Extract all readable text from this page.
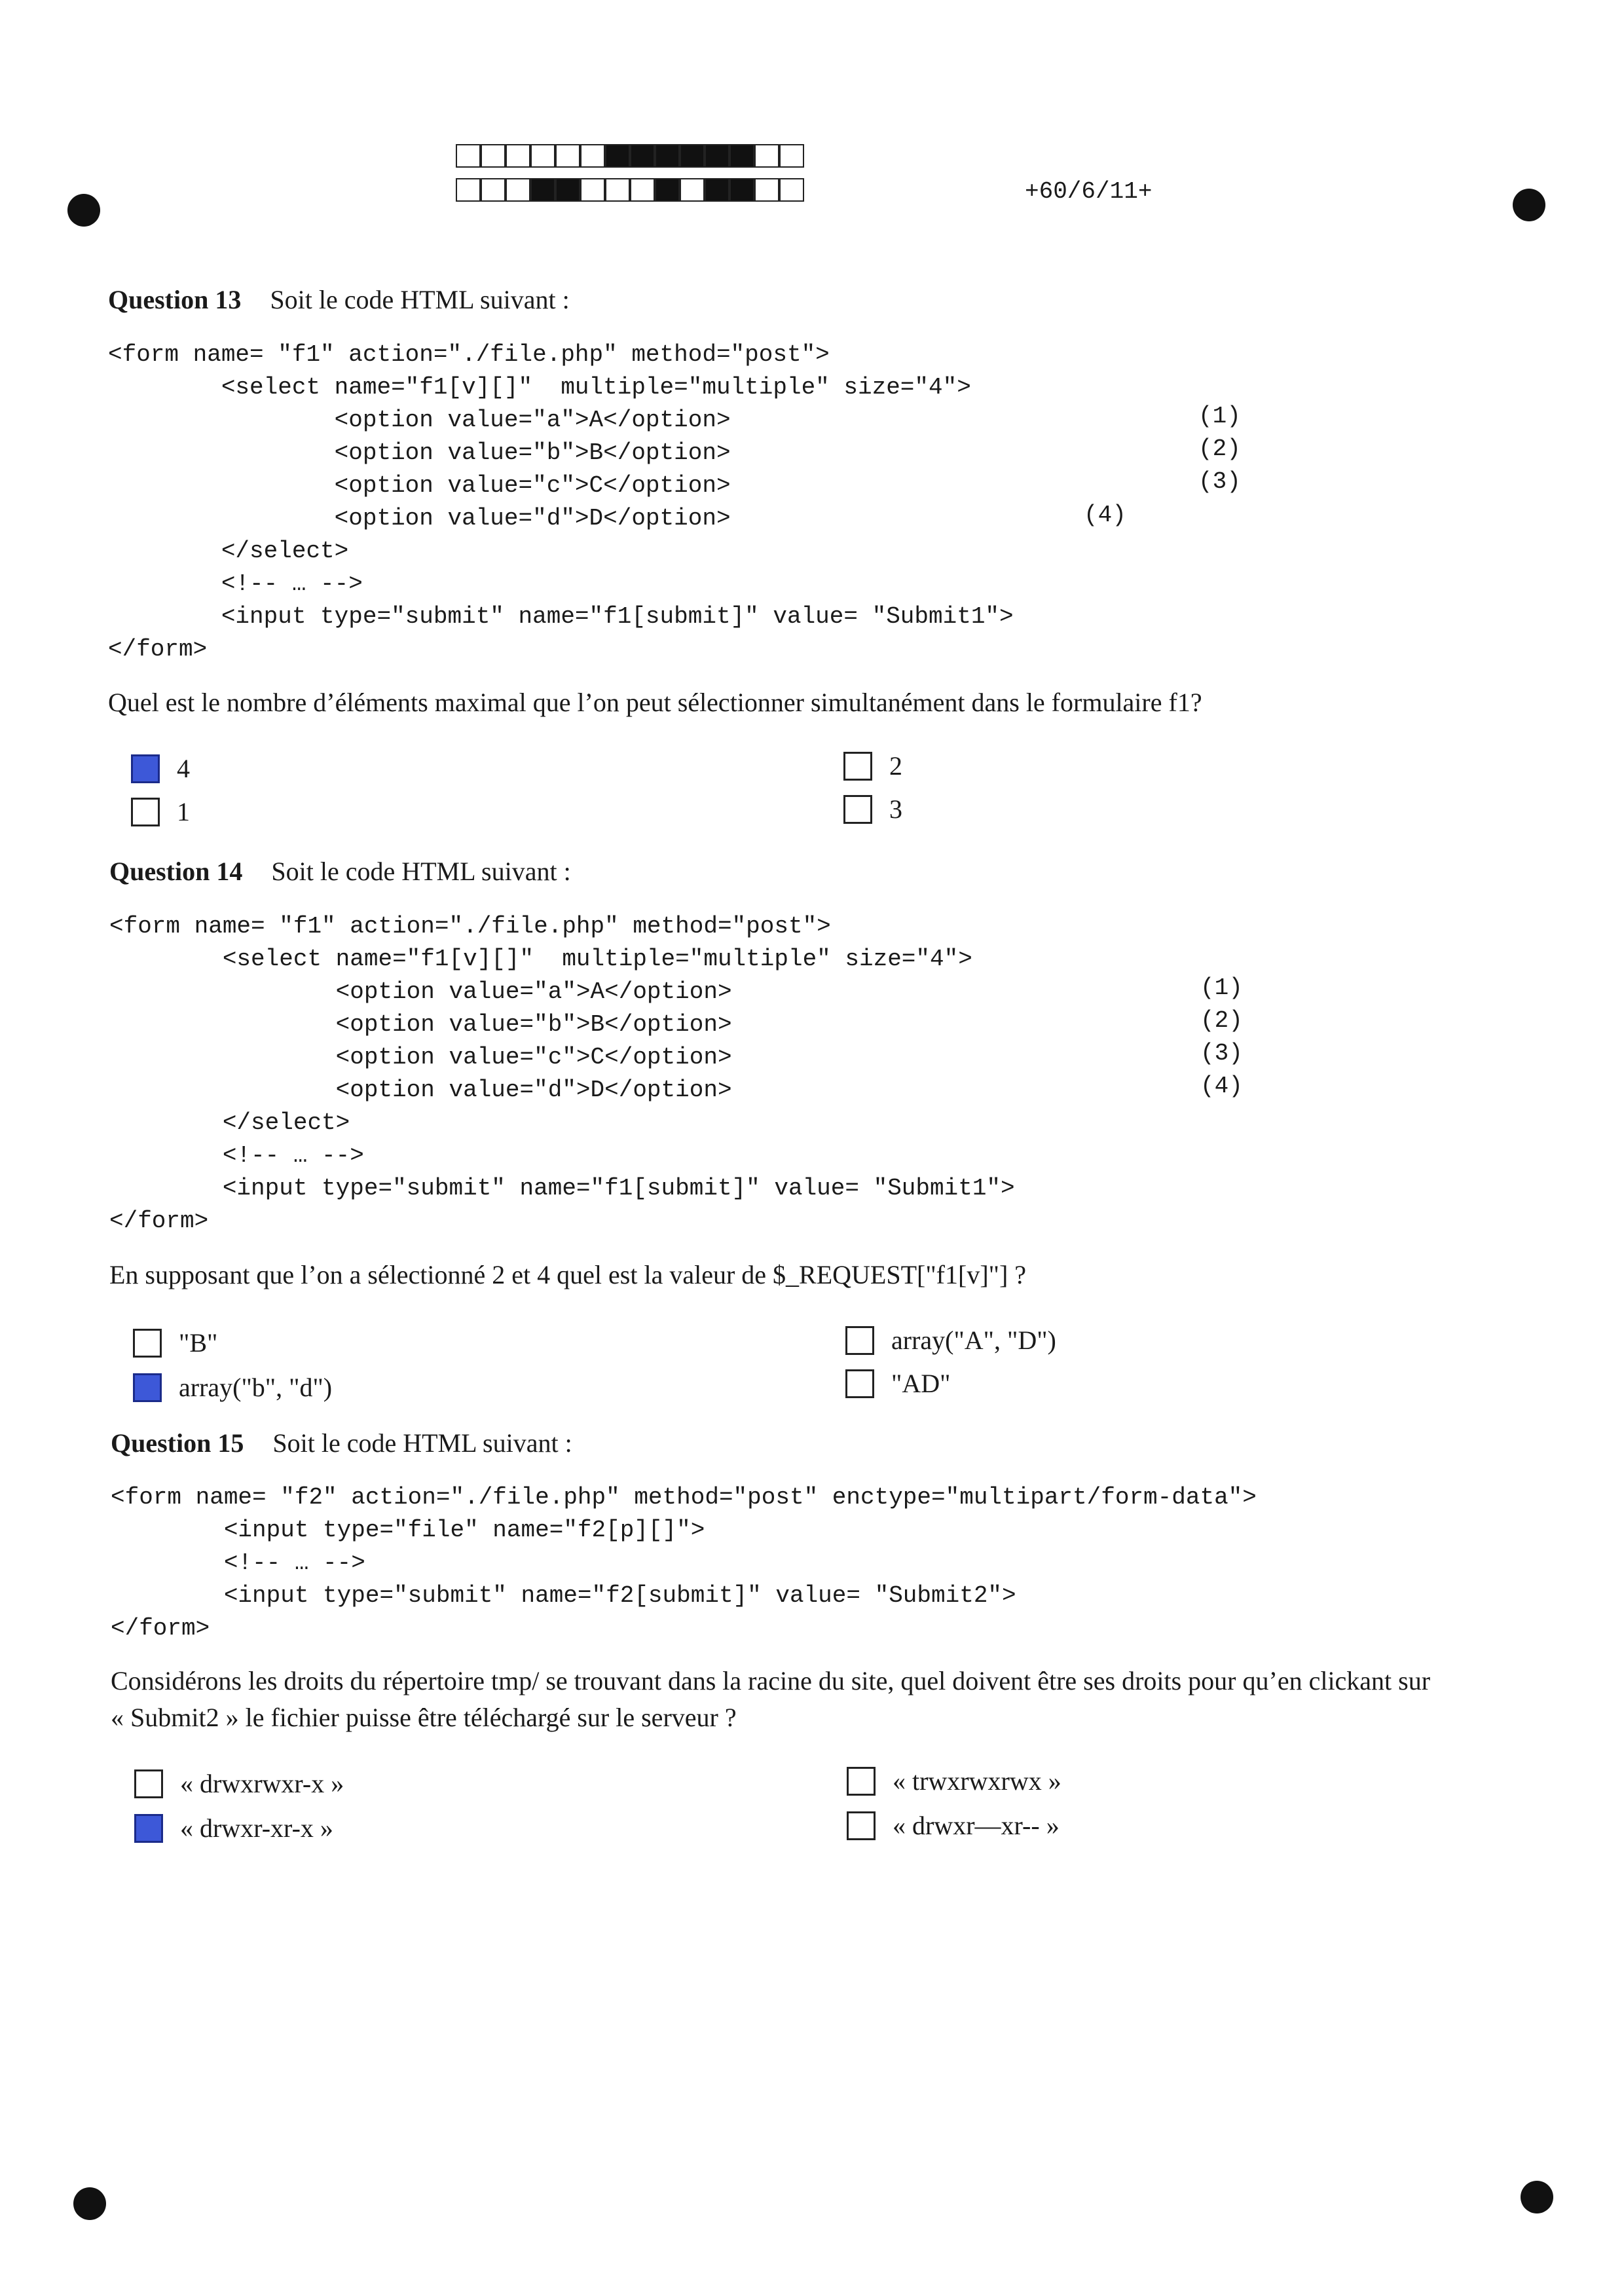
+60/6/11+
Question 13 Soit le code HTML suivant :
<form name= "f1" action="./file.php" method="post">
<select name="f1[v][]"  multiple="multiple" size="4">
<option value="a">A</option>
<option value="b">B</option>
<option value="c">C</option>
<option value="d">D</option>
</select>
<!-- … -->
<input type="submit" name="f1[submit]" value= "Submit1">
</form>
(1)
(2)
(3)
(4)
Quel est le nombre d’éléments maximal que l’on peut sélectionner simultanément dans le formulaire f1?
4
1
2
3
Question 14 Soit le code HTML suivant :
<form name= "f1" action="./file.php" method="post">
<select name="f1[v][]"  multiple="multiple" size="4">
<option value="a">A</option>
<option value="b">B</option>
<option value="c">C</option>
<option value="d">D</option>
</select>
<!-- … -->
<input type="submit" name="f1[submit]" value= "Submit1">
</form>
(1)
(2)
(3)
(4)
En supposant que l’on a sélectionné 2 et 4 quel est la valeur de $_REQUEST["f1[v]"] ?
"B"
array("b", "d")
array("A", "D")
"AD"
Question 15 Soit le code HTML suivant :
<form name= "f2" action="./file.php" method="post" enctype="multipart/form-data">
<input type="file" name="f2[p][]">
<!-- … -->
<input type="submit" name="f2[submit]" value= "Submit2">
</form>
Considérons les droits du répertoire tmp/ se trouvant dans la racine du site, quel doivent être ses droits pour qu’en clickant sur
« Submit2 » le fichier puisse être téléchargé sur le serveur ?
« drwxrwxr-x »
« drwxr-xr-x »
« trwxrwxrwx »
« drwxr—xr-- »
